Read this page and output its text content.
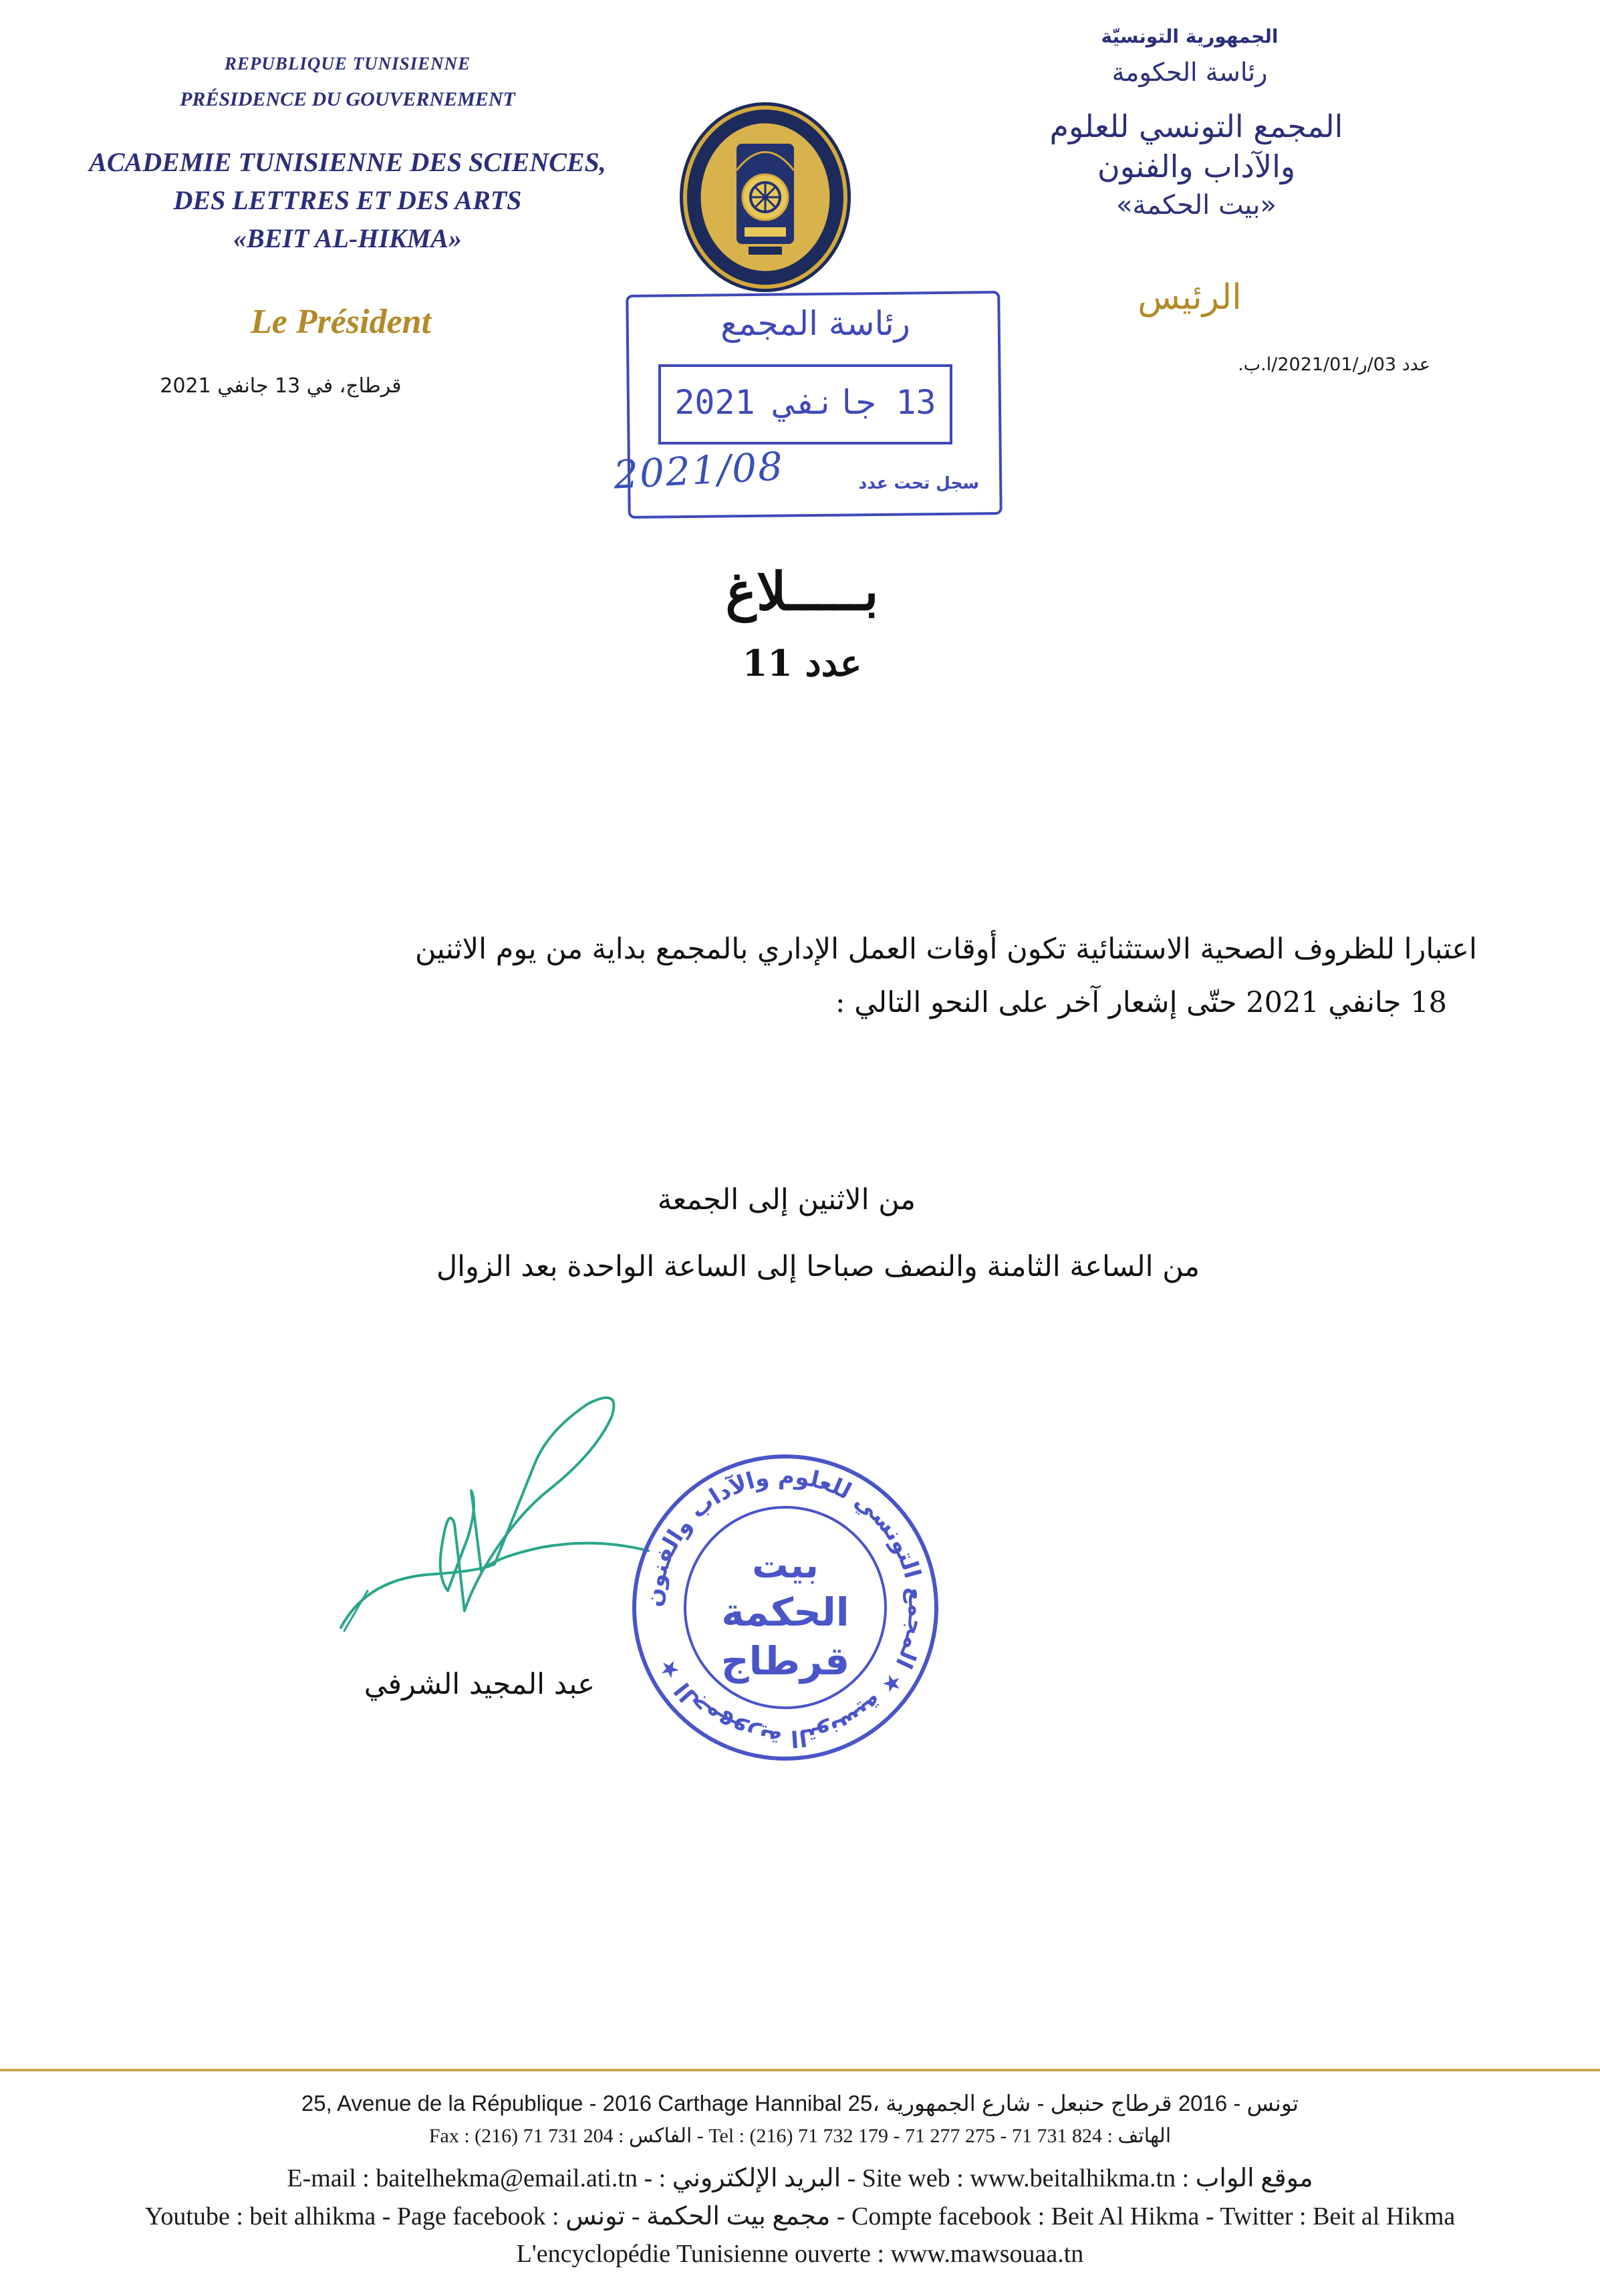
REPUBLIQUE TUNISIENNE
PRÉSIDENCE DU GOUVERNEMENT
ACADEMIE TUNISIENNE DES SCIENCES,
DES LETTRES ET DES ARTS
«BEIT AL-HIKMA»
Le Président
قرطاج، في 13 جانفي 2021
الجمهورية التونسيّة
رئاسة الحكومة
المجمع التونسي للعلوم
والآداب والفنون
«بيت الحكمة»
الرئيس
عدد 03/ر/2021/01/ا.ب.
رئاسة المجمع
13 جانفي 2021
2021/08	سجل تحت عدد
بـــــلاغ
عدد 11
اعتبارا للظروف الصحية الاستثنائية تكون أوقات العمل الإداري بالمجمع بداية من يوم الاثنين
18 جانفي 2021 حتّى إشعار آخر على النحو التالي :
من الاثنين إلى الجمعة
من الساعة الثامنة والنصف صباحا إلى الساعة الواحدة بعد الزوال
عبد المجيد الشرفي
الجمهورية التونسية ★ المجمع التونسي للعلوم والآداب والفنون ★
بيت
الحكمة
قرطاج
25, Avenue de la République - 2016 Carthage Hannibal تونس - 2016 قرطاج حنبعل - شارع الجمهورية ،25
Fax : (216) 71 731 204 : الفاكس - Tel : (216) 71 732 179 - 71 277 275 - 71 731 824 : الهاتف
E-mail : baitelhekma@email.ati.tn - : البريد الإلكتروني - Site web : www.beitalhikma.tn : موقع الواب
Youtube : beit alhikma - Page facebook : مجمع بيت الحكمة - تونس - Compte facebook : Beit Al Hikma - Twitter : Beit al Hikma
L'encyclopédie Tunisienne ouverte : www.mawsouaa.tn
